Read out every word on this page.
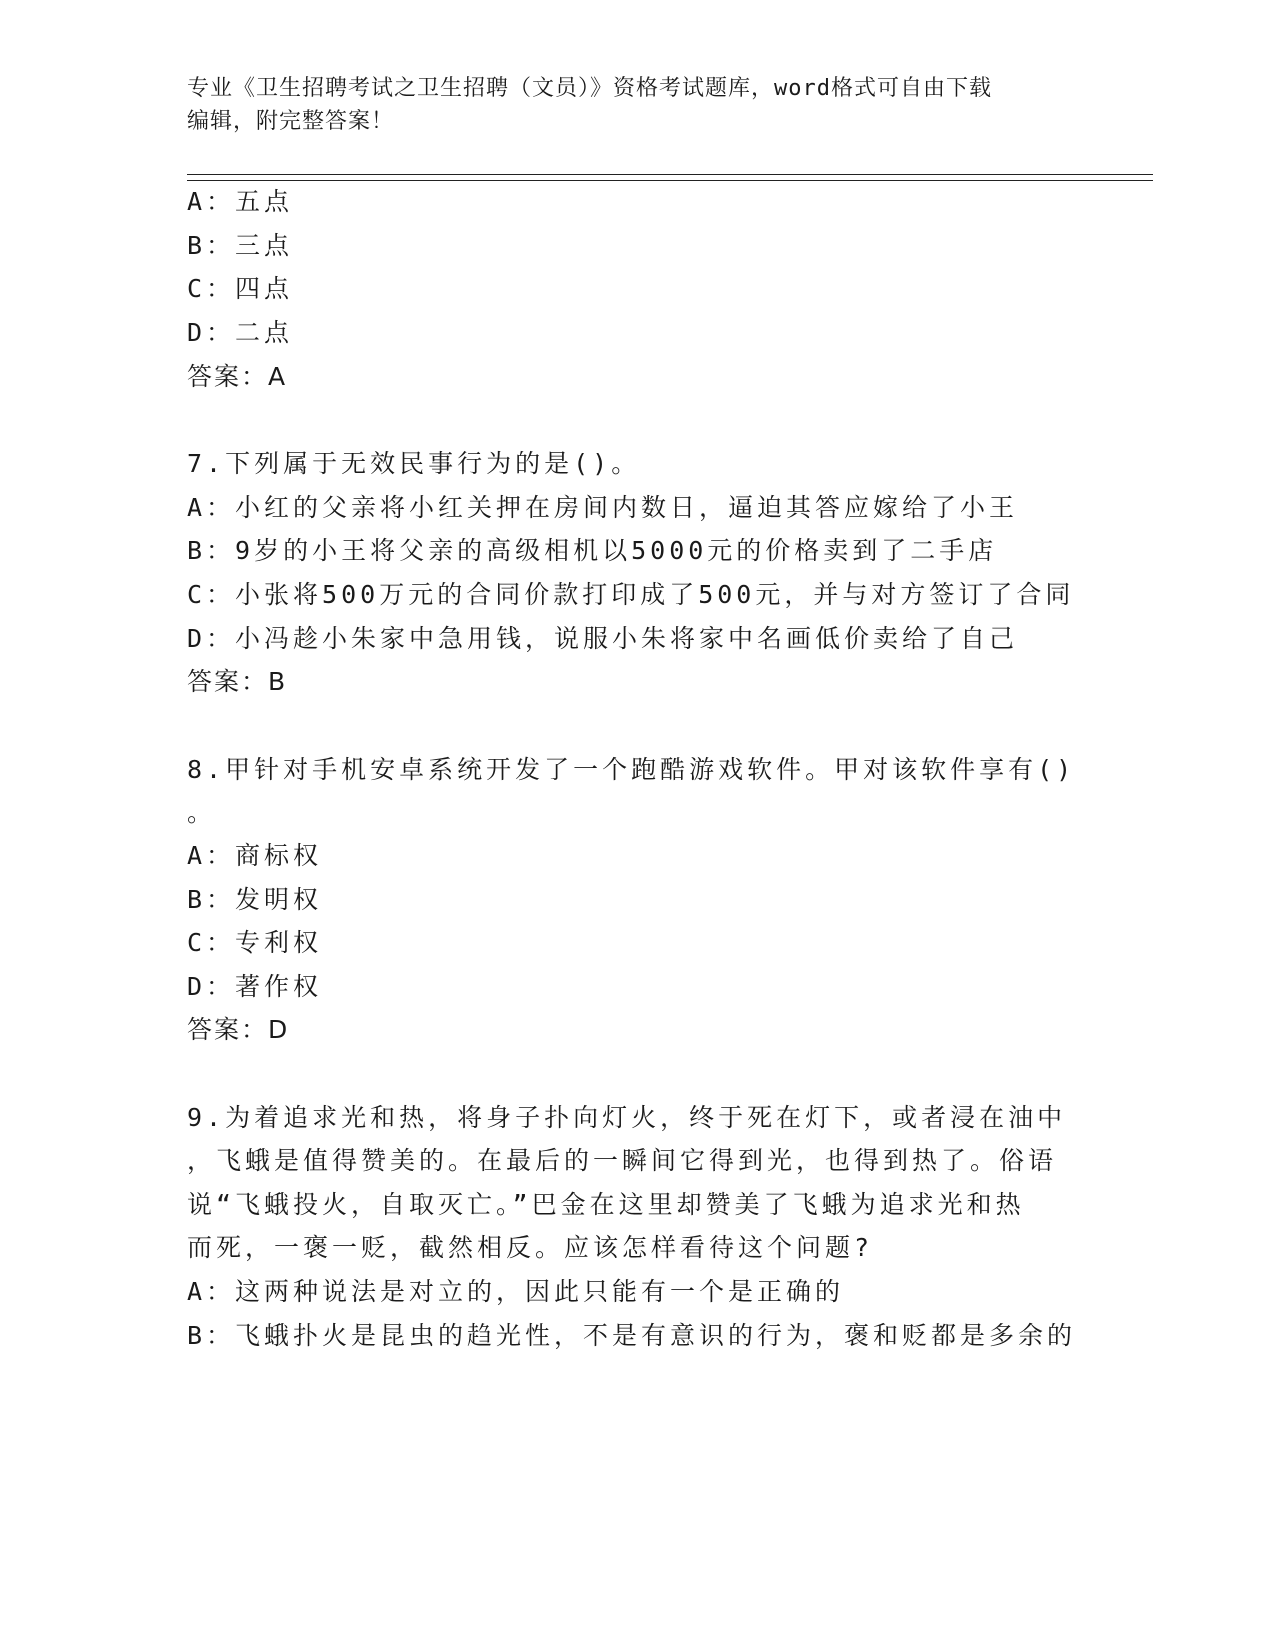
专业《卫生招聘考试之卫生招聘（文员）》资格考试题库，word格式可自由下载
编辑，附完整答案！
A：五点
B：三点
C：四点
D：二点
答案：A
7.下列属于无效民事行为的是()。
A：小红的父亲将小红关押在房间内数日，逼迫其答应嫁给了小王
B：9岁的小王将父亲的高级相机以5000元的价格卖到了二手店
C：小张将500万元的合同价款打印成了500元，并与对方签订了合同
D：小冯趁小朱家中急用钱，说服小朱将家中名画低价卖给了自己
答案：B
8.甲针对手机安卓系统开发了一个跑酷游戏软件。甲对该软件享有()
。
A：商标权
B：发明权
C：专利权
D：著作权
答案：D
9.为着追求光和热，将身子扑向灯火，终于死在灯下，或者浸在油中
，飞蛾是值得赞美的。在最后的一瞬间它得到光，也得到热了。俗语
说“飞蛾投火，自取灭亡。”巴金在这里却赞美了飞蛾为追求光和热
而死，一褒一贬，截然相反。应该怎样看待这个问题?
A：这两种说法是对立的，因此只能有一个是正确的
B：飞蛾扑火是昆虫的趋光性，不是有意识的行为，褒和贬都是多余的
